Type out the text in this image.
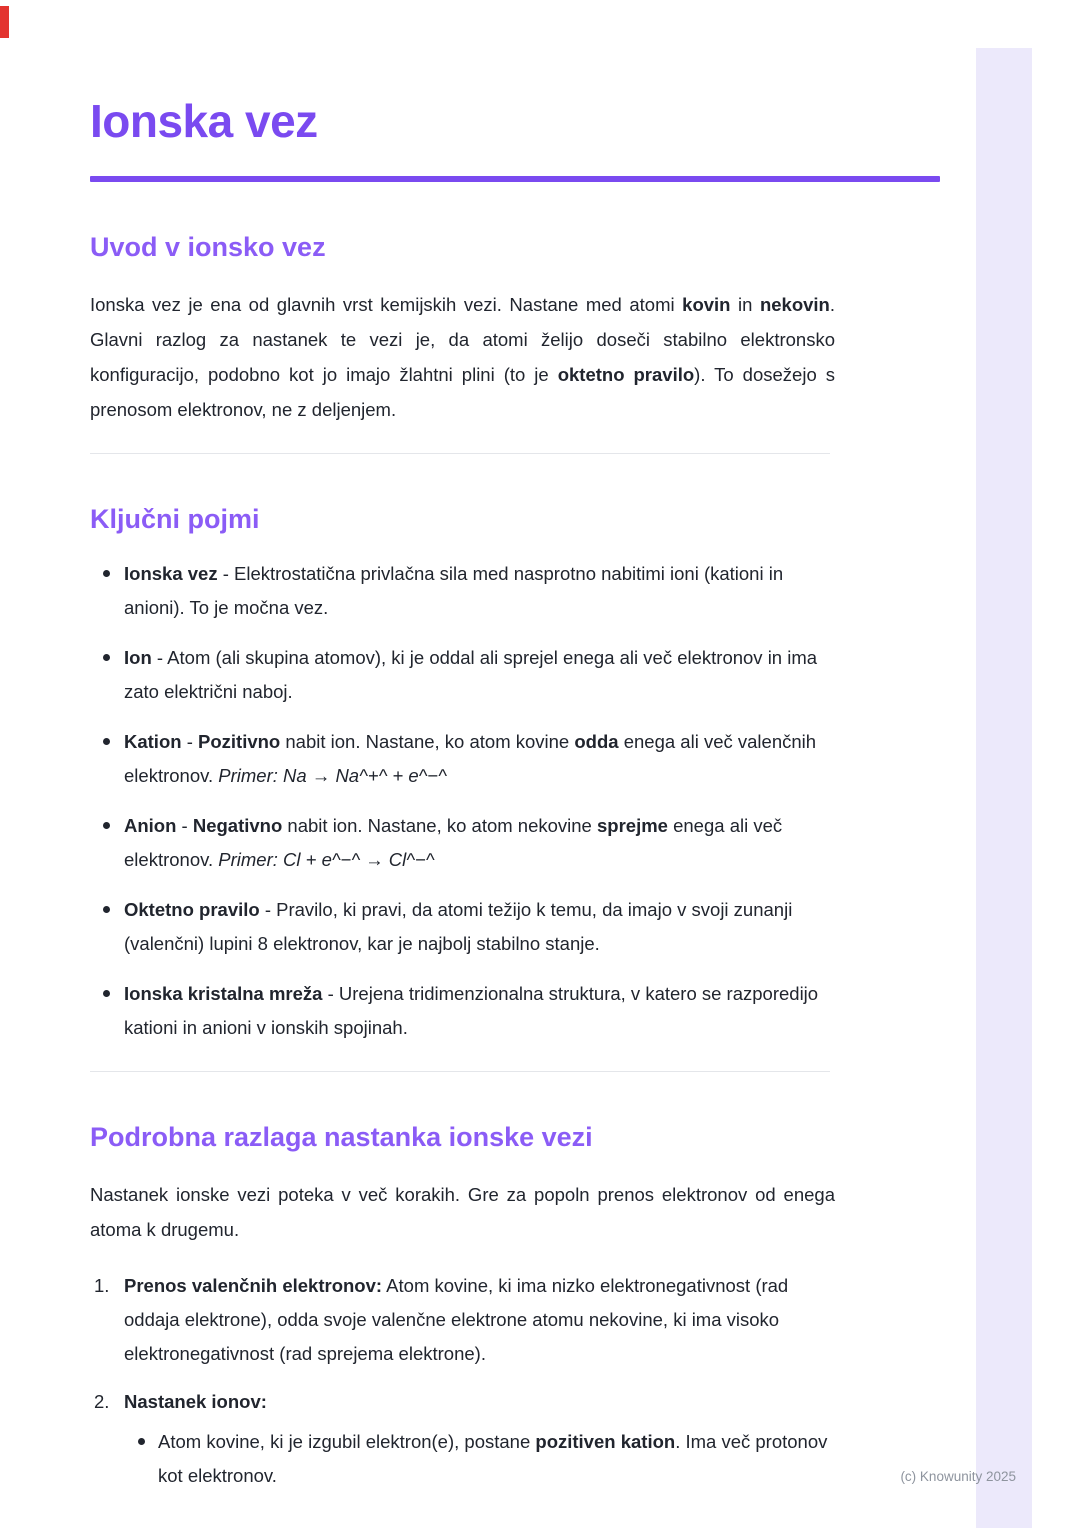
Ionska vez
Uvod v ionsko vez

Ionska vez je ena od glavnih vrst kemijskih vezi. Nastane med atomi kovin in nekovin. Glavni razlog za nastanek te vezi je, da atomi želijo doseči stabilno elektronsko konfiguracijo, podobno kot jo imajo žlahtni plini (to je oktetno pravilo). To dosežejo s prenosom elektronov, ne z deljenjem.

Ključni pojmi
Ionska vez - Elektrostatična privlačna sila med nasprotno nabitimi ioni (kationi in anioni). To je močna vez.
Ion - Atom (ali skupina atomov), ki je oddal ali sprejel enega ali več elektronov in ima zato električni naboj.
Kation - Pozitivno nabit ion. Nastane, ko atom kovine odda enega ali več valenčnih elektronov. Primer: Na → Na^+^ + e^−^
Anion - Negativno nabit ion. Nastane, ko atom nekovine sprejme enega ali več elektronov. Primer: Cl + e^−^ → Cl^−^
Oktetno pravilo - Pravilo, ki pravi, da atomi težijo k temu, da imajo v svoji zunanji (valenčni) lupini 8 elektronov, kar je najbolj stabilno stanje.
Ionska kristalna mreža - Urejena tridimenzionalna struktura, v katero se razporedijo kationi in anioni v ionskih spojinah.
Podrobna razlaga nastanka ionske vezi

Nastanek ionske vezi poteka v več korakih. Gre za popoln prenos elektronov od enega atoma k drugemu.

1. Prenos valenčnih elektronov: Atom kovine, ki ima nizko elektronegativnost (rad oddaja elektrone), odda svoje valenčne elektrone atomu nekovine, ki ima visoko elektronegativnost (rad sprejema elektrone).
2. Nastanek ionov:
Atom kovine, ki je izgubil elektron(e), postane pozitiven kation. Ima več protonov kot elektronov.	(c) Knowunity 2025
